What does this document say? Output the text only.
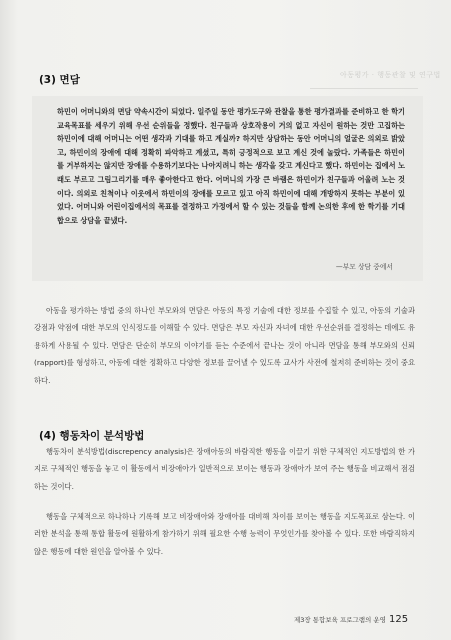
아동평가 · 행동관찰 및 연구법
(3) 면담

하민이 어머니와의 면담 약속시간이 되었다. 일주일 동안 평가도구와 관찰을 통한 평가결과를 준비하고 한 학기 교육목표를 세우기 위해 우선 순위들을 정했다. 친구들과 상호작용이 거의 없고 자신이 원하는 것만 고집하는 하민이에 대해 어머니는 어떤 생각과 기대를 하고 계실까? 하지만 상담하는 동안 어머니의 얼굴은 의외로 밝았고, 하민이의 장애에 대해 정확히 파악하고 계셨고, 특히 긍정적으로 보고 계신 것에 놀랐다. 가족들은 하민이를 거부하지는 않지만 장애를 수용하기보다는 나아지려니 하는 생각을 갖고 계신다고 했다. 하민이는 집에서 노래도 부르고 그림그리기를 매우 좋아한다고 한다. 어머니의 가장 큰 바램은 하민이가 친구들과 어울려 노는 것이다. 의외로 친척이나 이웃에서 하민이의 장애를 모르고 있고 아직 하민이에 대해 개방하지 못하는 부분이 있었다. 어머니와 어린이집에서의 목표를 결정하고 가정에서 할 수 있는 것들을 함께 논의한 후에 한 학기를 기대합으로 상담을 끝냈다.

—부모 상담 중에서

아동을 평가하는 방법 중의 하나인 부모와의 면담은 아동의 특정 기술에 대한 정보를 수집할 수 있고, 아동의 기술과 강점과 약점에 대한 부모의 인식정도를 이해할 수 있다. 면담은 부모 자신과 자녀에 대한 우선순위를 결정하는 데에도 유용하게 사용될 수 있다. 면담은 단순히 부모의 이야기를 듣는 수준에서 끝나는 것이 아니라 면담을 통해 부모와의 신뢰(rapport)를 형성하고, 아동에 대한 정확하고 다양한 정보를 끌어낼 수 있도록 교사가 사전에 철저히 준비하는 것이 중요하다.

(4) 행동차이 분석방법

행동차이 분석방법(discrepency analysis)은 장애아동의 바람직한 행동을 이끌기 위한 구체적인 지도방법의 한 가지로 구체적인 행동을 놓고 이 활동에서 비장애아가 일반적으로 보이는 행동과 장애아가 보여 주는 행동을 비교해서 점검하는 것이다.

행동을 구체적으로 하나하나 기록해 보고 비장애아와 장애아를 대비해 차이를 보이는 행동을 지도목표로 삼는다. 이러한 분석을 통해 통합 활동에 원활하게 참가하기 위해 필요한 수행 능력이 무엇인가를 찾아볼 수 있다. 또한 바람직하지 않은 행동에 대한 원인을 알아볼 수 있다.

제3장 통합보육 프로그램의 운영 125
